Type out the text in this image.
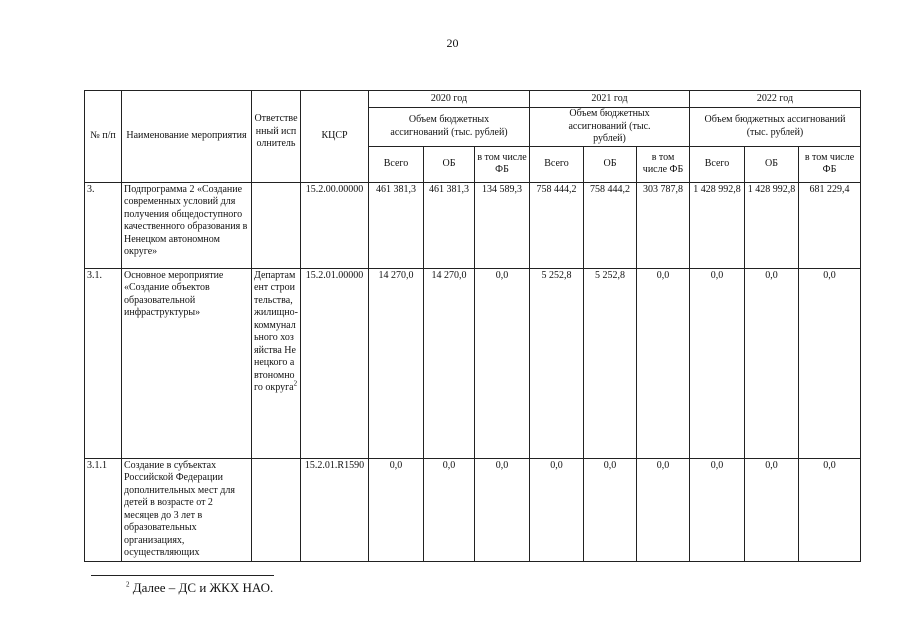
20
№ п/п	Наименование мероприятия	Ответственный исполнитель	КЦСР	2020 год			2021 год			2022 год		
				Объем бюджетных ассигнований (тыс. рублей)			Объем бюджетных ассигнований (тыс. рублей)			Объем бюджетных ассигнований (тыс. рублей)		
				Всего	ОБ	в том числе ФБ	Всего	ОБ	в том числе ФБ	Всего	ОБ	в том числе ФБ
3.	Подпрограмма 2 «Создание современных условий для получения общедоступного качественного образования в Ненецком автономном округе»		15.2.00.00000	461 381,3	461 381,3	134 589,3	758 444,2	758 444,2	303 787,8	1 428 992,8	1 428 992,8	681 229,4
3.1.	Основное мероприятие «Создание объектов образовательной инфраструктуры»	Департамент строительства, жилищно-коммунального хозяйства Ненецкого автономного округа$^2$	15.2.01.00000	14 270,0	14 270,0	0,0	5 252,8	5 252,8	0,0	0,0	0,0	0,0
3.1.1	Создание в субъектах Российской Федерации дополнительных мест для детей в возрасте от 2 месяцев до 3 лет в образовательных организациях, осуществляющих		15.2.01.R1590	0,0	0,0	0,0	0,0	0,0	0,0	0,0	0,0	0,0
$^2$ Далее – ДС и ЖКХ НАО.
